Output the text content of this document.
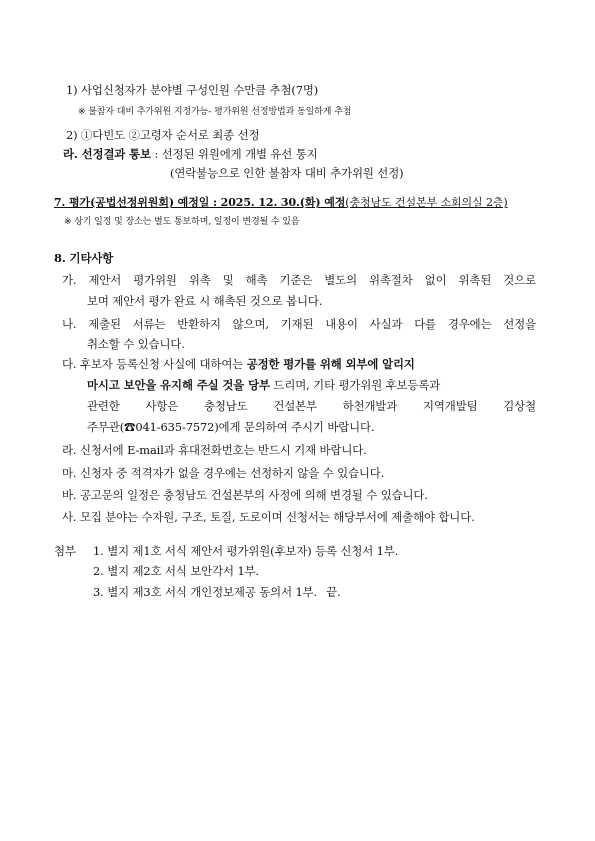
1) 사업신청자가 분야별 구성인원 수만큼 추첨(7명)
※ 불참자 대비 추가위원 지정가능- 평가위원 선정방법과 동일하게 추첨
2) ①다빈도 ②고령자 순서로 최종 선정
라. 선정결과 통보 : 선정된 위원에게 개별 유선 통지
(연락불능으로 인한 불참자 대비 추가위원 선정)
7. 평가(공법선정위원회) 예정일 : 2025. 12. 30.(화) 예정(충청남도 건설본부 소회의실 2층)
※ 상기 일정 및 장소는 별도 통보하며, 일정이 변경될 수 있음
8. 기타사항
가. 제안서 평가위원 위촉 및 해촉 기준은 별도의 위촉절차 없이 위촉된 것으로
보며 제안서 평가 완료 시 해촉된 것으로 봅니다.
나. 제출된 서류는 반환하지 않으며, 기재된 내용이 사실과 다를 경우에는 선정을
취소할 수 있습니다.
다. 후보자 등록신청 사실에 대하여는 공정한 평가를 위해 외부에 알리지
마시고 보안을 유지해 주실 것을 당부 드리며, 기타 평가위원 후보등록과
관련한 사항은 충청남도 건설본부 하천개발과 지역개발팀 김상철
주무관(☎041-635-7572)에게 문의하여 주시기 바랍니다.
라. 신청서에 E-mail과 휴대전화번호는 반드시 기재 바랍니다.
마. 신청자 중 적격자가 없을 경우에는 선정하지 않을 수 있습니다.
바. 공고문의 일정은 충청남도 건설본부의 사정에 의해 변경될 수 있습니다.
사. 모집 분야는 수자원, 구조, 토질, 도로이며 신청서는 해당부서에 제출해야 합니다.
첨부 1. 별지 제1호 서식 제안서 평가위원(후보자) 등록 신청서 1부.
2. 별지 제2호 서식 보안각서 1부.
3. 별지 제3호 서식 개인정보제공 동의서 1부. 끝.
